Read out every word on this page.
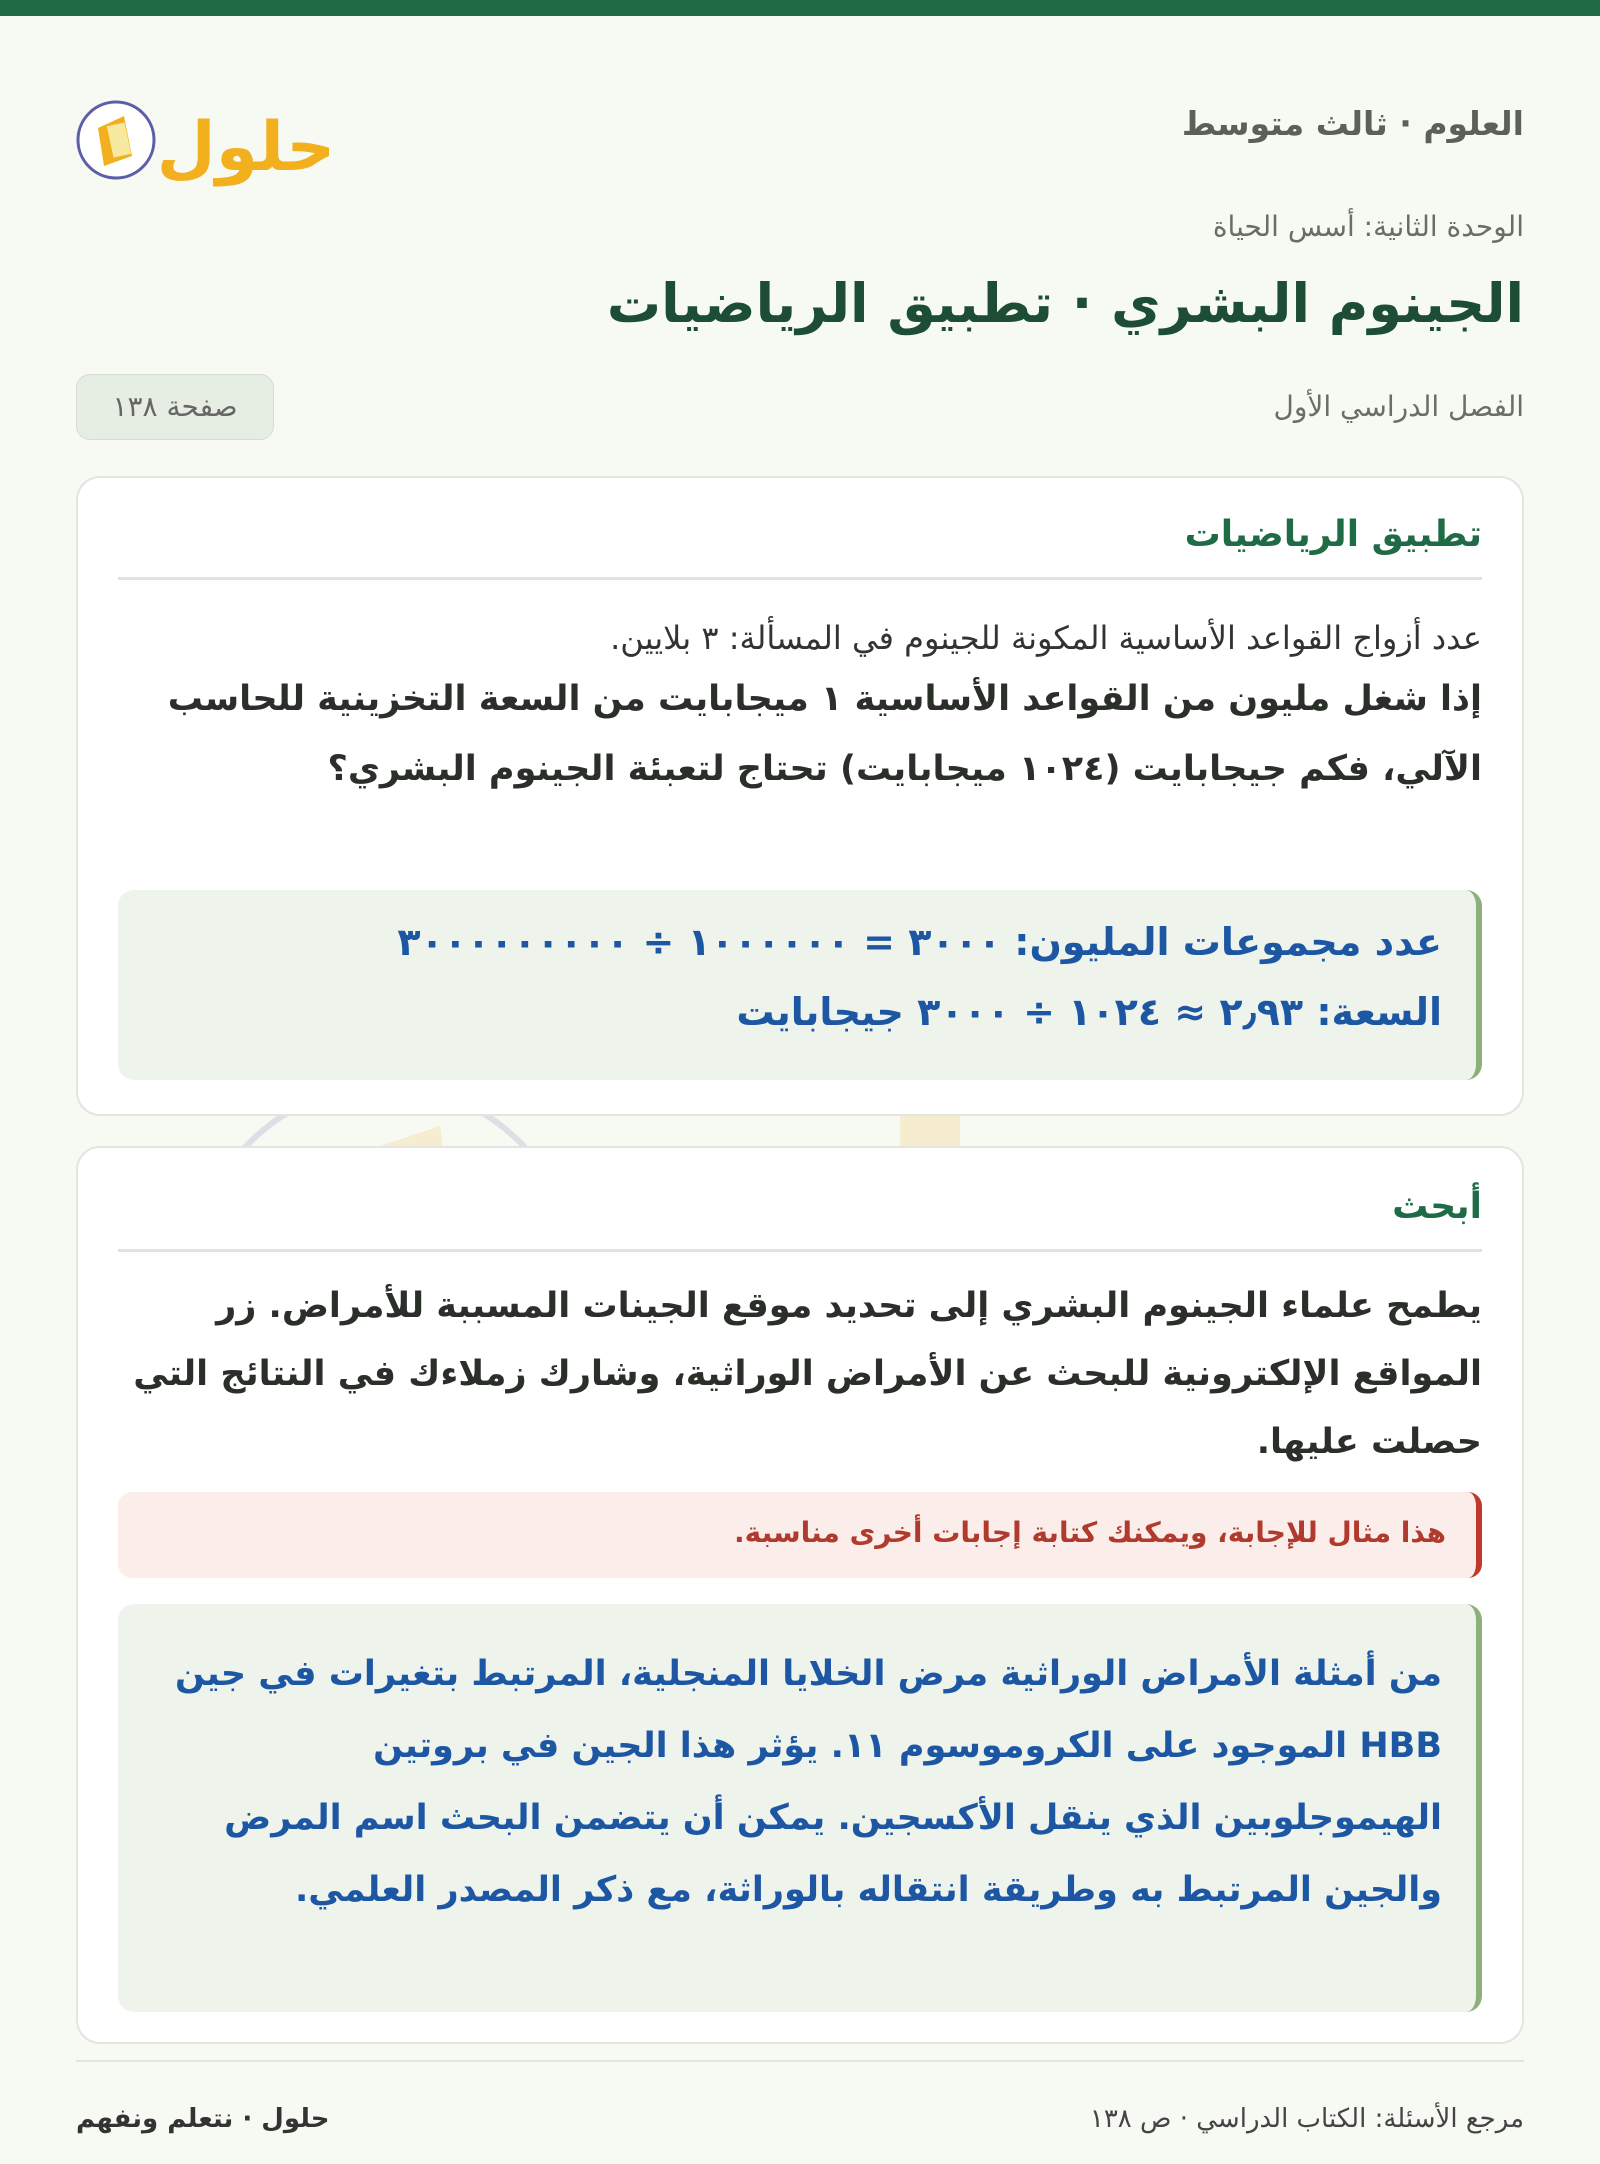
العلوم · ثالث متوسط
حلول
الوحدة الثانية: أسس الحياة
الجينوم البشري · تطبيق الرياضيات
الفصل الدراسي الأول
صفحة ١٣٨
تطبيق الرياضيات
عدد أزواج القواعد الأساسية المكونة للجينوم في المسألة: ٣ بلايين.
إذا شغل مليون من القواعد الأساسية ١ ميجابايت من السعة التخزينية للحاسب الآلي، فكم جيجابايت (١٠٢٤ ميجابايت) تحتاج لتعبئة الجينوم البشري؟
عدد مجموعات المليون: ٣٠٠٠ = ١٠٠٠٠٠٠ ÷ ٣٠٠٠٠٠٠٠٠٠
السعة: ٢٫٩٣ ≈ ١٠٢٤ ÷ ٣٠٠٠ جيجابايت
أبحث
يطمح علماء الجينوم البشري إلى تحديد موقع الجينات المسببة للأمراض. زر المواقع الإلكترونية للبحث عن الأمراض الوراثية، وشارك زملاءك في النتائج التي حصلت عليها.
هذا مثال للإجابة، ويمكنك كتابة إجابات أخرى مناسبة.
من أمثلة الأمراض الوراثية مرض الخلايا المنجلية، المرتبط بتغيرات في جين HBB الموجود على الكروموسوم ١١. يؤثر هذا الجين في بروتين الهيموجلوبين الذي ينقل الأكسجين. يمكن أن يتضمن البحث اسم المرض والجين المرتبط به وطريقة انتقاله بالوراثة، مع ذكر المصدر العلمي.
مرجع الأسئلة: الكتاب الدراسي · ص ١٣٨
حلول · نتعلم ونفهم
